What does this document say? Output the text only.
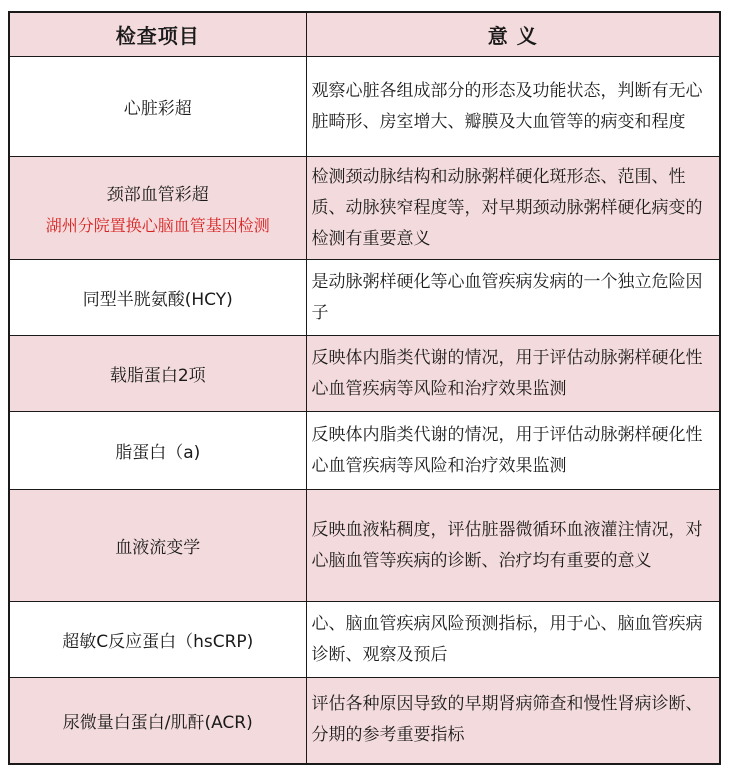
检查项目	意 义
心脏彩超	观察心脏各组成部分的形态及功能状态，判断有无心脏畸形、房室增大、瓣膜及大血管等的病变和程度

颈部血管彩超
湖州分院置换心脑血管基因检测	检测颈动脉结构和动脉粥样硬化斑形态、范围、性质、动脉狭窄程度等，对早期颈动脉粥样硬化病变的检测有重要意义
同型半胱氨酸(HCY)	是动脉粥样硬化等心血管疾病发病的一个独立危险因子
载脂蛋白2项	反映体内脂类代谢的情况，用于评估动脉粥样硬化性心血管疾病等风险和治疗效果监测
脂蛋白（a)	反映体内脂类代谢的情况，用于评估动脉粥样硬化性心血管疾病等风险和治疗效果监测
血液流变学	反映血液粘稠度，评估脏器微循环血液灌注情况，对心脑血管等疾病的诊断、治疗均有重要的意义
超敏C反应蛋白（hsCRP)	心、脑血管疾病风险预测指标，用于心、脑血管疾病诊断、观察及预后
尿微量白蛋白/肌酐(ACR)	评估各种原因导致的早期肾病筛查和慢性肾病诊断、分期的参考重要指标
